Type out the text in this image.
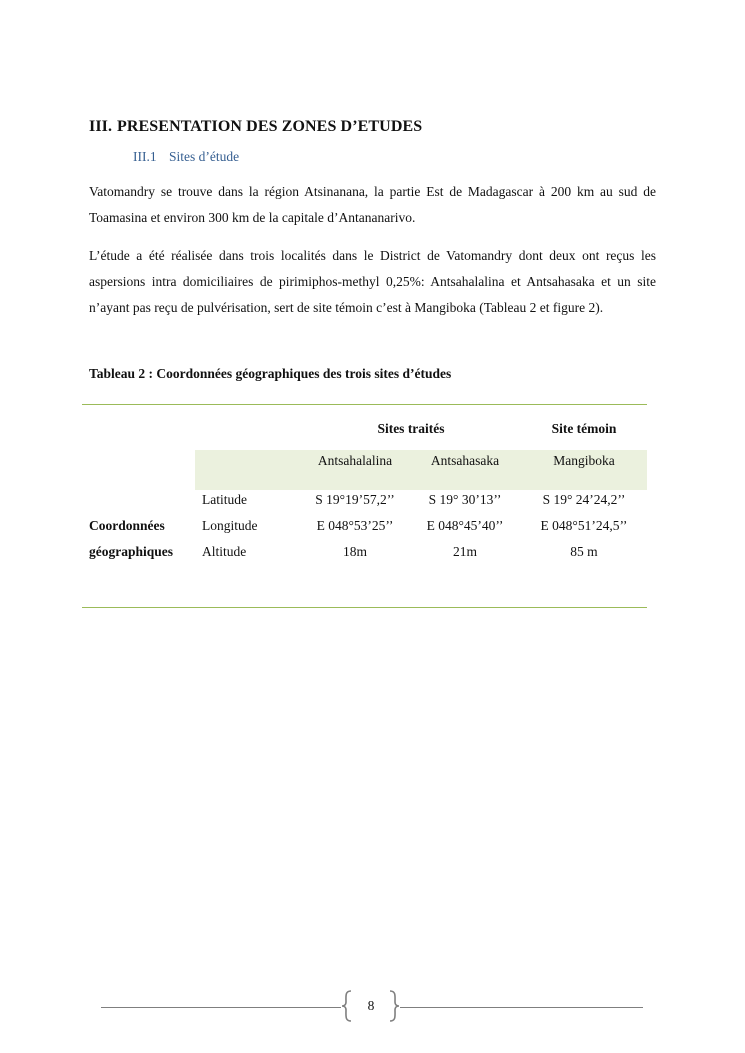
III. PRESENTATION DES ZONES D’ETUDES
III.1 Sites d’étude

Vatomandry se trouve dans la région Atsinanana, la partie Est de Madagascar à 200 km au sud de Toamasina et environ 300 km de la capitale d’Antananarivo.

L’étude a été réalisée dans trois localités dans le District de Vatomandry dont deux ont reçus les aspersions intra domiciliaires de pirimiphos-methyl 0,25%: Antsahalalina et Antsahasaka et un site n’ayant pas reçu de pulvérisation, sert de site témoin c’est à Mangiboka (Tableau 2 et figure 2).

Tableau 2 : Coordonnées géographiques des trois sites d’études
Sites traités	Site témoin
Antsahalalina	Antsahasaka	Mangiboka
Coordonnées
géographiques
Latitude	S 19°19’57,2’’	S 19° 30’13’’	S 19° 24’24,2’’
Longitude	E 048°53’25’’	E 048°45’40’’	E 048°51’24,5’’
Altitude	18m	21m	85 m
8
